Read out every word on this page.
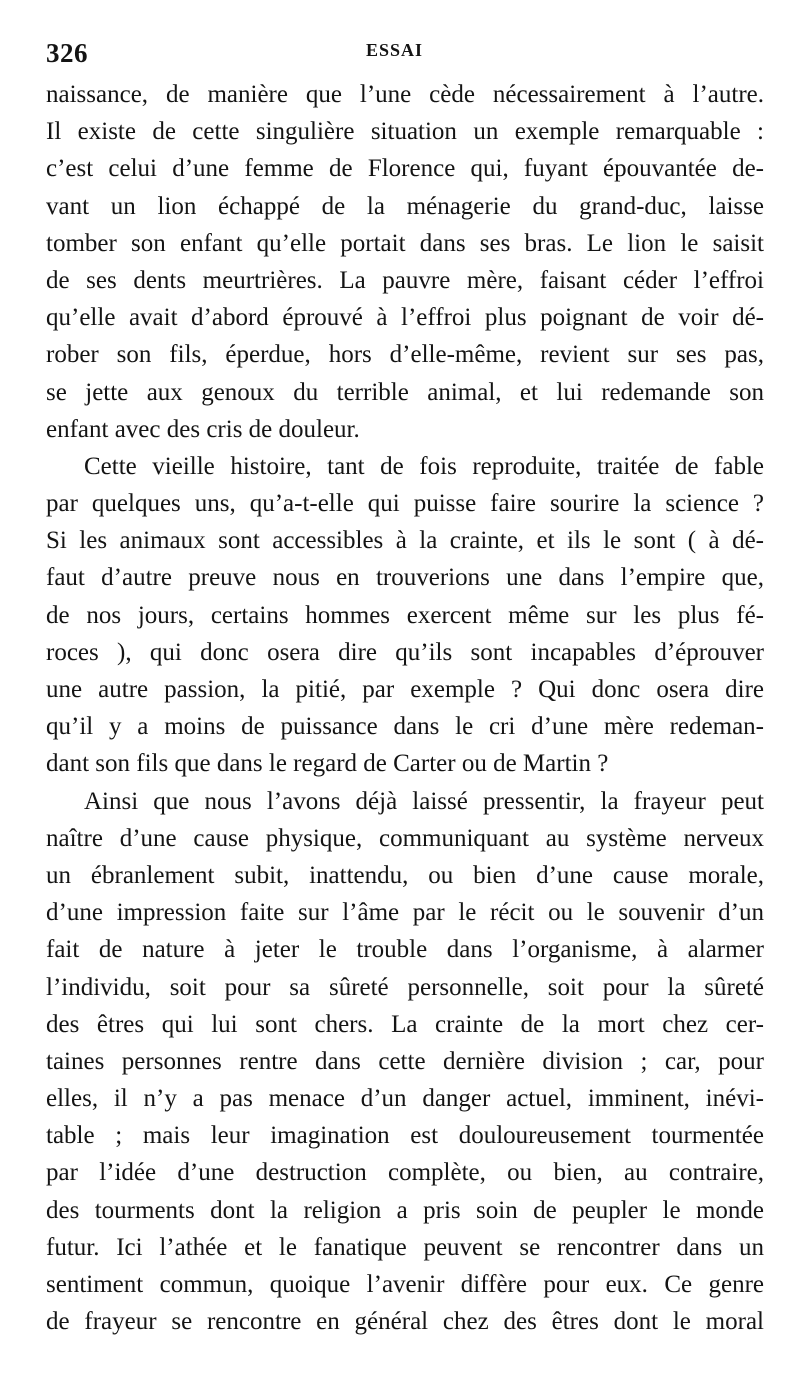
326	ESSAI
naissance, de manière que l’une cède nécessairement à l’autre.
Il existe de cette singulière situation un exemple remarquable :
c’est celui d’une femme de Florence qui, fuyant épouvantée de-
vant un lion échappé de la ménagerie du grand-duc, laisse
tomber son enfant qu’elle portait dans ses bras. Le lion le saisit
de ses dents meurtrières. La pauvre mère, faisant céder l’effroi
qu’elle avait d’abord éprouvé à l’effroi plus poignant de voir dé-
rober son fils, éperdue, hors d’elle-même, revient sur ses pas,
se jette aux genoux du terrible animal, et lui redemande son
enfant avec des cris de douleur.
Cette vieille histoire, tant de fois reproduite, traitée de fable
par quelques uns, qu’a-t-elle qui puisse faire sourire la science ?
Si les animaux sont accessibles à la crainte, et ils le sont ( à dé-
faut d’autre preuve nous en trouverions une dans l’empire que,
de nos jours, certains hommes exercent même sur les plus fé-
roces ), qui donc osera dire qu’ils sont incapables d’éprouver
une autre passion, la pitié, par exemple ? Qui donc osera dire
qu’il y a moins de puissance dans le cri d’une mère redeman-
dant son fils que dans le regard de Carter ou de Martin ?
Ainsi que nous l’avons déjà laissé pressentir, la frayeur peut
naître d’une cause physique, communiquant au système nerveux
un ébranlement subit, inattendu, ou bien d’une cause morale,
d’une impression faite sur l’âme par le récit ou le souvenir d’un
fait de nature à jeter le trouble dans l’organisme, à alarmer
l’individu, soit pour sa sûreté personnelle, soit pour la sûreté
des êtres qui lui sont chers. La crainte de la mort chez cer-
taines personnes rentre dans cette dernière division ; car, pour
elles, il n’y a pas menace d’un danger actuel, imminent, inévi-
table ; mais leur imagination est douloureusement tourmentée
par l’idée d’une destruction complète, ou bien, au contraire,
des tourments dont la religion a pris soin de peupler le monde
futur. Ici l’athée et le fanatique peuvent se rencontrer dans un
sentiment commun, quoique l’avenir diffère pour eux. Ce genre
de frayeur se rencontre en général chez des êtres dont le moral
